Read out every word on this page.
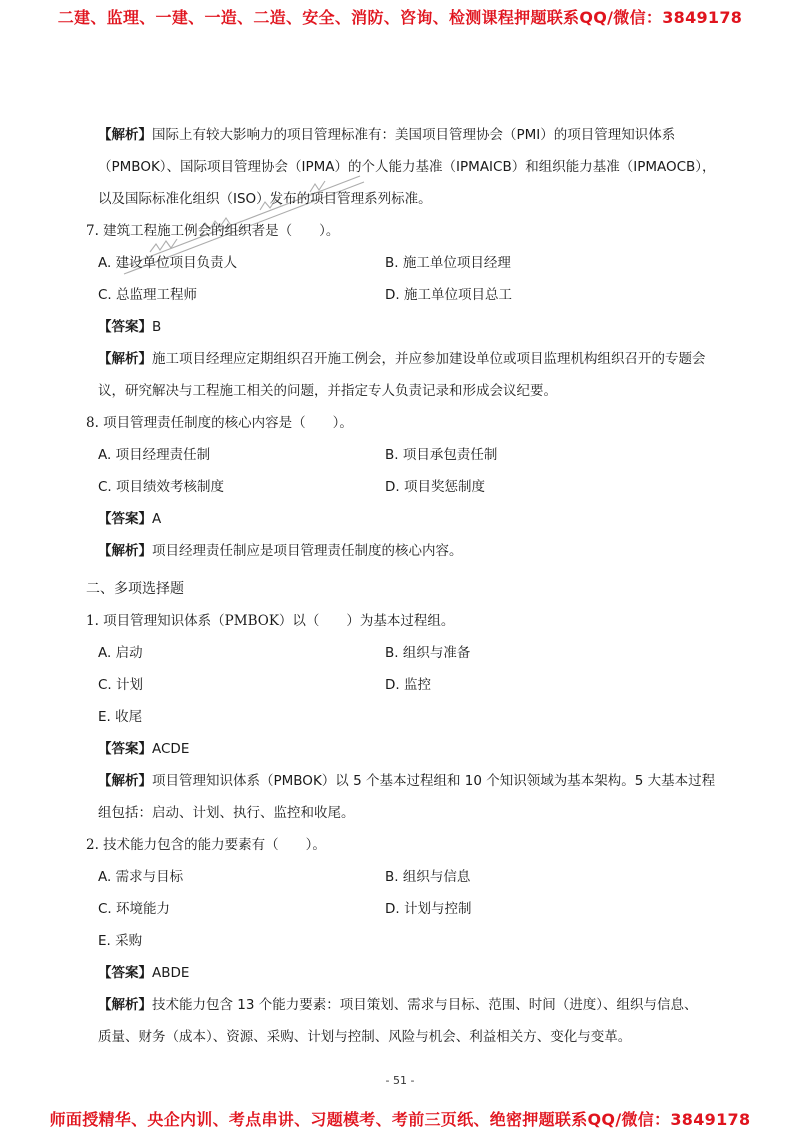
二建、监理、一建、一造、二造、安全、消防、咨询、检测课程押题联系QQ/微信：3849178
【解析】国际上有较大影响力的项目管理标准有：美国项目管理协会（PMI）的项目管理知识体系
（PMBOK）、国际项目管理协会（IPMA）的个人能力基准（IPMAICB）和组织能力基准（IPMAOCB），
以及国际标准化组织（ISO）发布的项目管理系列标准。
7. 建筑工程施工例会的组织者是（　　）。
A. 建设单位项目负责人	B. 施工单位项目经理
C. 总监理工程师	D. 施工单位项目总工
【答案】B
【解析】施工项目经理应定期组织召开施工例会，并应参加建设单位或项目监理机构组织召开的专题会
议，研究解决与工程施工相关的问题，并指定专人负责记录和形成会议纪要。
8. 项目管理责任制度的核心内容是（　　）。
A. 项目经理责任制	B. 项目承包责任制
C. 项目绩效考核制度	D. 项目奖惩制度
【答案】A
【解析】项目经理责任制应是项目管理责任制度的核心内容。
二、多项选择题
1. 项目管理知识体系（PMBOK）以（　　）为基本过程组。
A. 启动	B. 组织与准备
C. 计划	D. 监控
E. 收尾
【答案】ACDE
【解析】项目管理知识体系（PMBOK）以 5 个基本过程组和 10 个知识领域为基本架构。5 大基本过程
组包括：启动、计划、执行、监控和收尾。
2. 技术能力包含的能力要素有（　　）。
A. 需求与目标	B. 组织与信息
C. 环境能力	D. 计划与控制
E. 采购
【答案】ABDE
【解析】技术能力包含 13 个能力要素：项目策划、需求与目标、范围、时间（进度）、组织与信息、
质量、财务（成本）、资源、采购、计划与控制、风险与机会、利益相关方、变化与变革。
- 51 -
师面授精华、央企内训、考点串讲、习题模考、考前三页纸、绝密押题联系QQ/微信：3849178
